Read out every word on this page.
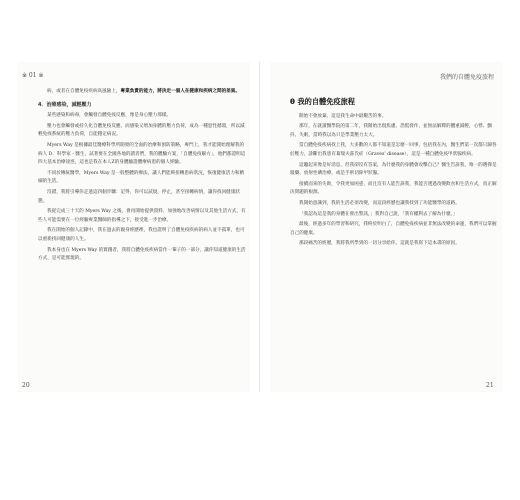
※ 01 ※	我們的自體免疫旅程

病，或者在自體免疫疾病高風險上，專業負責的能力，將決定一個人在健康和疾病之間的差異。

4．治療感染，減輕壓力

某些感染和病毒，會觸發自體免疫反應，像是身心壓力那樣。

壓力也會觸發或持久化自體免疫反應，而感染又增加身體的壓力負荷，成為一種惡性循環，所以減輕免疫系統的壓力負荷，自能穩定病況。

Myers Way 是根據最佳醫療科學所開發的全面的治療和預防策略，專門上，我才能開始理解我的病人 D．科學家・醫生，試著要在全國各地的讀者們，我的體驗方案，「自體免疫解方」，他們都證明這四大基本治療途徑，這也是我在本人Z的身體驗證體療病患的個人經驗。

不同於傳統醫學，Myers Way 是一般整體的療法，讓人們能夠扭轉患病狀況，恢復健康活力和精細的生活。

沒錯，我將引導你走過這四個步驟：記得，你可以試規，停止，甚至扭轉病情，讓你找回健康狀態。

我從完成三十天的 Myers Way 之後，會再開始提供資料，加強地改善病情以及其他生活方式，有些人可能需要在一位經驗專業醫師的指導之下，接受進一步治療。

我在開始的個人記錄中，我在過去的親身經歷裡，我也證明了自體免疫疾病的病人並不孤單，也可以重新找回健康的人生。

我本身也在 Myers Way 的實踐者，我將自體免疫疾病當作一輩子的一部分，讓你知道健康的生活方式，是可能實現的。

θ 我的自體免疫旅程

開始不會放棄，這是我生命中最艱苦的事。

那年，在就讀醫學院的第二年，我開始出現焦慮、恐慌發作，並無法解釋的體重減輕，心悸、顫抖、失眠，當時我以為只是學業壓力太大。

當自體免疫疾病找上我，大多數的人都不知道是怎麼一回事，包括我在內，醫生們第一次都只歸咎於壓力，診斷出我患有葛瑞夫茲氏症（Graves' disease），這是一種自體免疫甲狀腺疾病。

這聽起來像是好消息，但我卻沒有答案，為什麼我的身體會攻擊自己？醫生告訴我，唯一的選擇是服藥、放射性碘治療，或是手術切除甲狀腺。

接續而來的失敗，令我更加困惑，而且沒有人能告訴我，我能否透過改變飲食和生活方式，真正解決問題的根源。

我開始意識到，我的生活必須改變，而這段經歷也讓我找到了功能醫學的道路。

「我認為這是我的身體在發出警訊，」我對自己說，「我有權利去了解為什麼。」

最後，經過多年的學習和研究，我終於明白了，自體免疫疾病並非無法改變的命運，我們可以掌握自己的健康。

那段痛苦的經歷，我將我所學到的一切分享給你，這就是我寫下這本書的原因。

20	21
